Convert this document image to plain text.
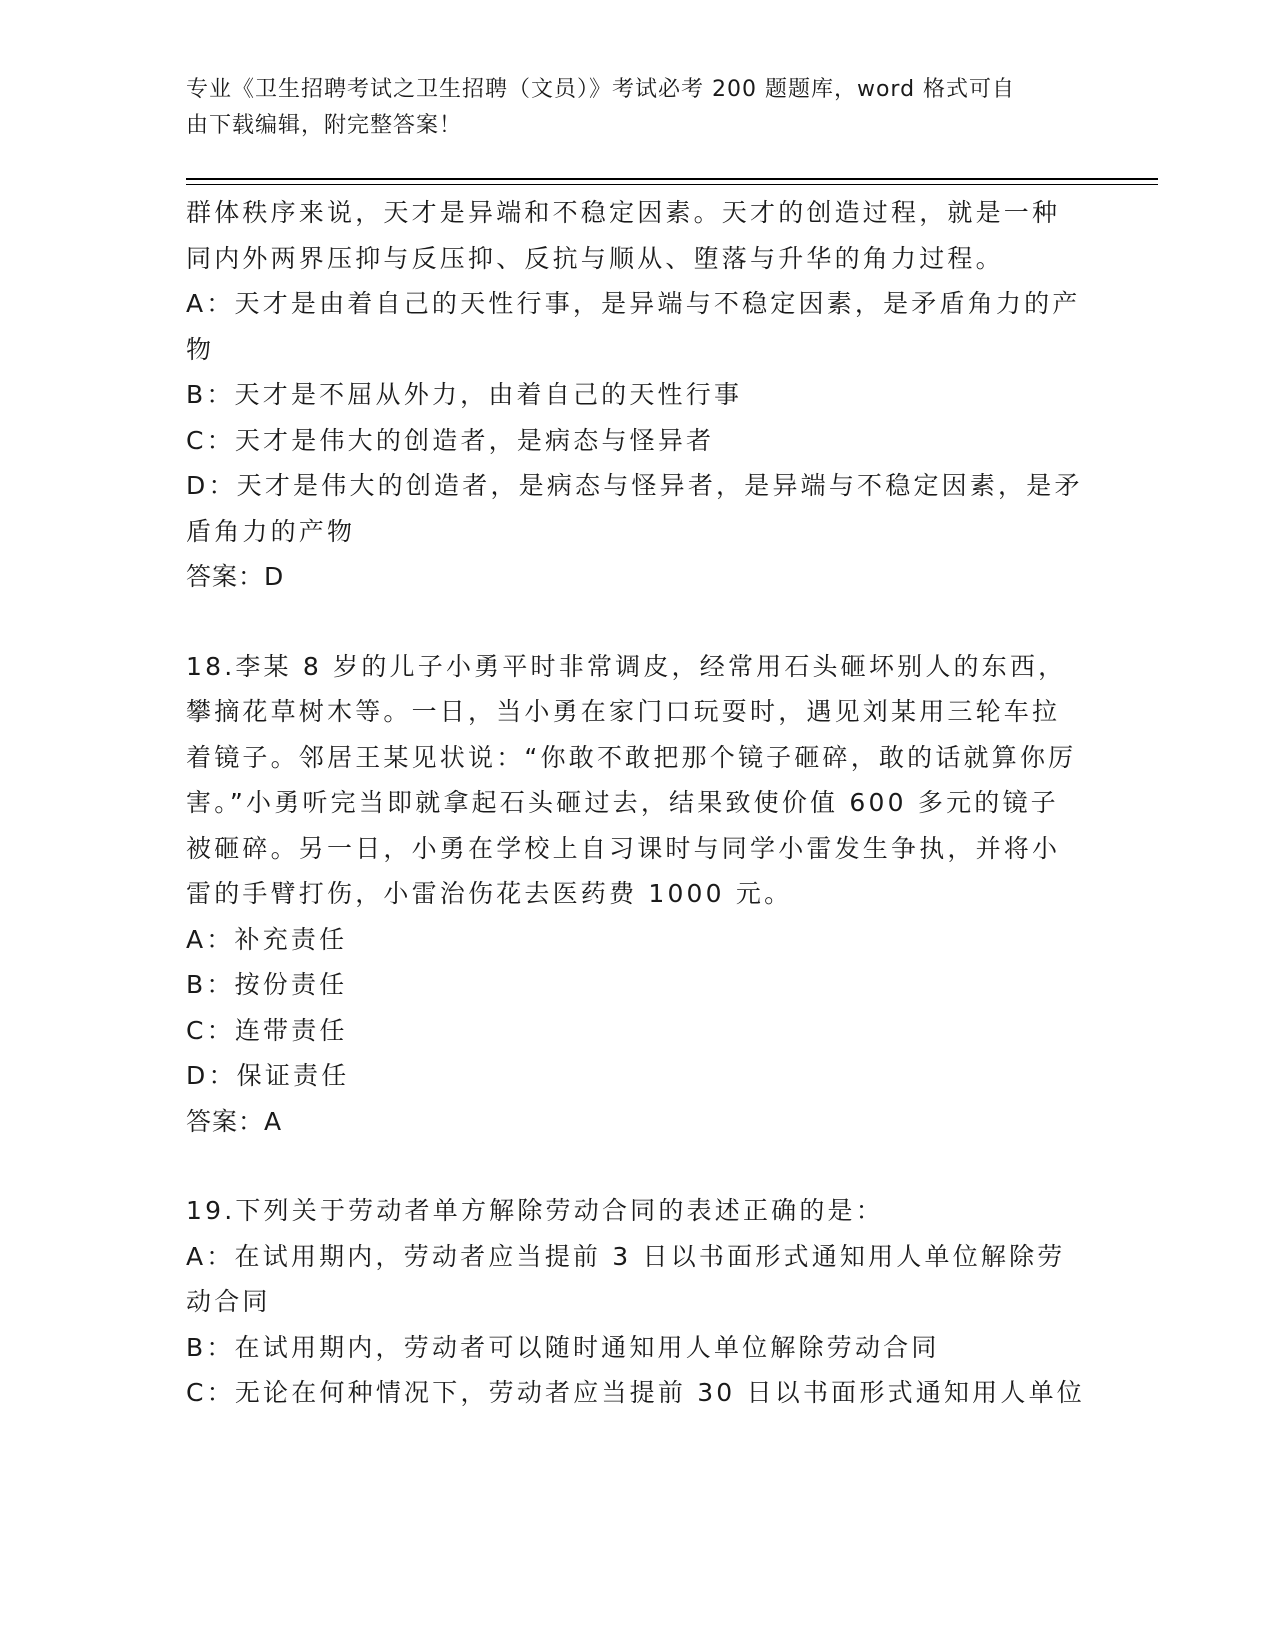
专业《卫生招聘考试之卫生招聘（文员）》考试必考 200 题题库，word 格式可自
由下载编辑，附完整答案！

群体秩序来说，天才是异端和不稳定因素。天才的创造过程，就是一种同内外两界压抑与反压抑、反抗与顺从、堕落与升华的角力过程。

A：天才是由着自己的天性行事，是异端与不稳定因素，是矛盾角力的产物

B：天才是不屈从外力，由着自己的天性行事

C：天才是伟大的创造者，是病态与怪异者

D：天才是伟大的创造者，是病态与怪异者，是异端与不稳定因素，是矛盾角力的产物

答案：D

18.李某 8 岁的儿子小勇平时非常调皮，经常用石头砸坏别人的东西，攀摘花草树木等。一日，当小勇在家门口玩耍时，遇见刘某用三轮车拉着镜子。邻居王某见状说：“你敢不敢把那个镜子砸碎，敢的话就算你厉害。”小勇听完当即就拿起石头砸过去，结果致使价值 600 多元的镜子被砸碎。另一日，小勇在学校上自习课时与同学小雷发生争执，并将小雷的手臂打伤，小雷治伤花去医药费 1000 元。

A：补充责任

B：按份责任

C：连带责任

D：保证责任

答案：A

19.下列关于劳动者单方解除劳动合同的表述正确的是：

A：在试用期内，劳动者应当提前 3 日以书面形式通知用人单位解除劳动合同

B：在试用期内，劳动者可以随时通知用人单位解除劳动合同

C：无论在何种情况下，劳动者应当提前 30 日以书面形式通知用人单位
